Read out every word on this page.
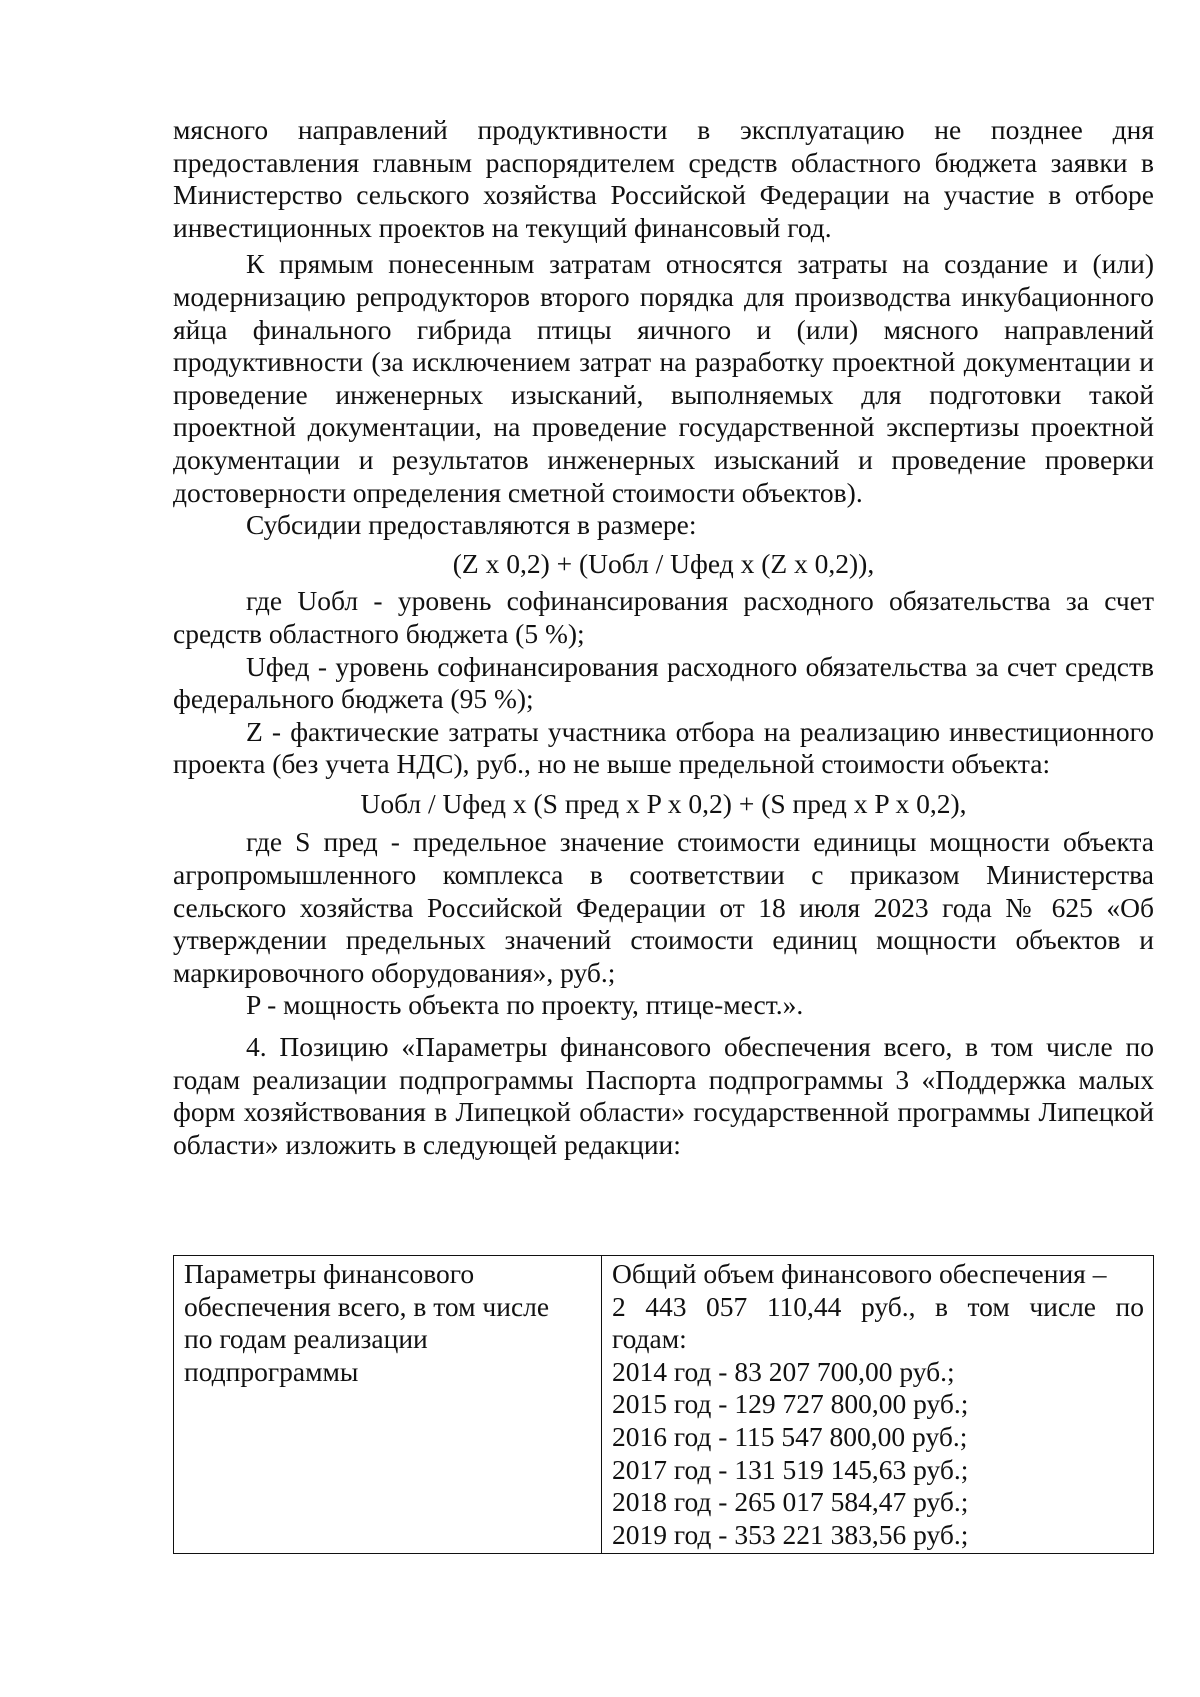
мясного направлений продуктивности в эксплуатацию не позднее дня предоставления главным распорядителем средств областного бюджета заявки в Министерство сельского хозяйства Российской Федерации на участие в отборе инвестиционных проектов на текущий финансовый год.

К прямым понесенным затратам относятся затраты на создание и (или) модернизацию репродукторов второго порядка для производства инкубационного яйца финального гибрида птицы яичного и (или) мясного направлений продуктивности (за исключением затрат на разработку проектной документации и проведение инженерных изысканий, выполняемых для подготовки такой проектной документации, на проведение государственной экспертизы проектной документации и результатов инженерных изысканий и проведение проверки достоверности определения сметной стоимости объектов).

Субсидии предоставляются в размере:

(Z x 0,2) + (Uобл / Uфед x (Z x 0,2)),

где Uобл - уровень софинансирования расходного обязательства за счет средств областного бюджета (5 %);

Uфед - уровень софинансирования расходного обязательства за счет средств федерального бюджета (95 %);

Z - фактические затраты участника отбора на реализацию инвестиционного проекта (без учета НДС), руб., но не выше предельной стоимости объекта:

Uобл / Uфед x (S пред x P x 0,2) + (S пред x P x 0,2),

где S пред - предельное значение стоимости единицы мощности объекта агропромышленного комплекса в соответствии с приказом Министерства сельского хозяйства Российской Федерации от 18 июля 2023 года № 625 «Об утверждении предельных значений стоимости единиц мощности объектов и маркировочного оборудования», руб.;

P - мощность объекта по проекту, птице-мест.».

4. Позицию «Параметры финансового обеспечения всего, в том числе по годам реализации подпрограммы Паспорта подпрограммы 3 «Поддержка малых форм хозяйствования в Липецкой области» государственной программы Липецкой области» изложить в следующей редакции:

Параметры финансового
обеспечения всего, в том числе
по годам реализации
подпрограммы

Общий объем финансового обеспечения –
2 443 057 110,44 руб., в том числе по
годам:
2014 год - 83 207 700,00 руб.;
2015 год - 129 727 800,00 руб.;
2016 год - 115 547 800,00 руб.;
2017 год - 131 519 145,63 руб.;
2018 год - 265 017 584,47 руб.;
2019 год - 353 221 383,56 руб.;
